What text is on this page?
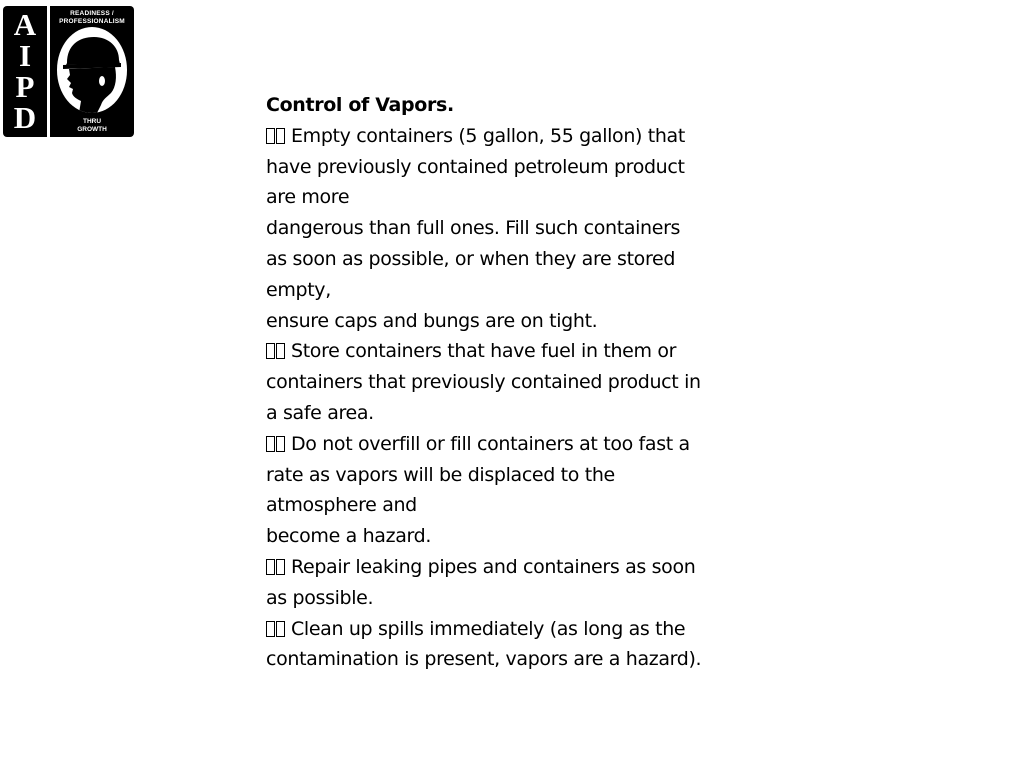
A
I
P
D
READINESS /
PROFESSIONALISM
THRU
GROWTH
Control of Vapors.
Empty containers (5 gallon, 55 gallon) that
have previously contained petroleum product
are more
dangerous than full ones. Fill such containers
as soon as possible, or when they are stored
empty,
ensure caps and bungs are on tight.
Store containers that have fuel in them or
containers that previously contained product in
a safe area.
Do not overfill or fill containers at too fast a
rate as vapors will be displaced to the
atmosphere and
become a hazard.
Repair leaking pipes and containers as soon
as possible.
Clean up spills immediately (as long as the
contamination is present, vapors are a hazard).
